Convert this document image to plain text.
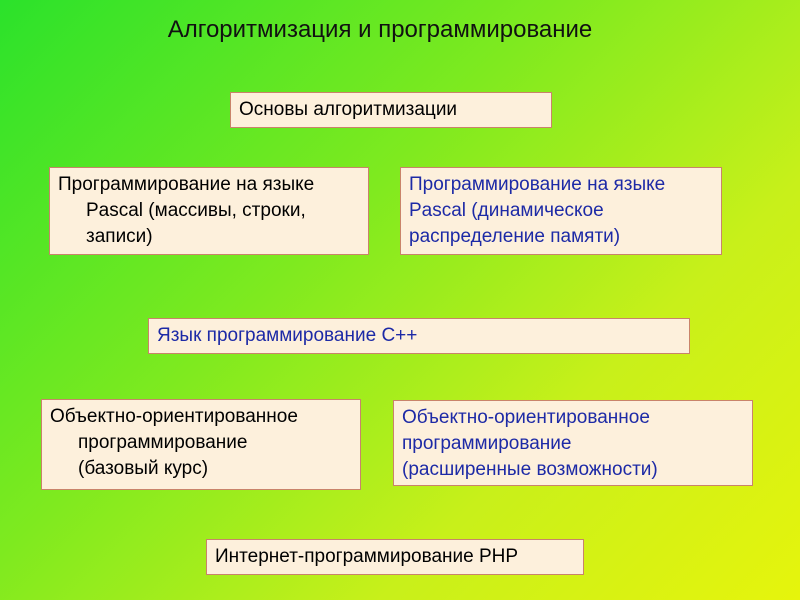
Алгоритмизация и программирование
Основы алгоритмизации
Программирование на языке
Pascal (массивы, строки,
записи)
Программирование на языке
Pascal (динамическое
распределение памяти)
Язык программирование С++
Объектно-ориентированное
программирование
(базовый курс)
Объектно-ориентированное
программирование
(расширенные возможности)
Интернет-программирование РНР
